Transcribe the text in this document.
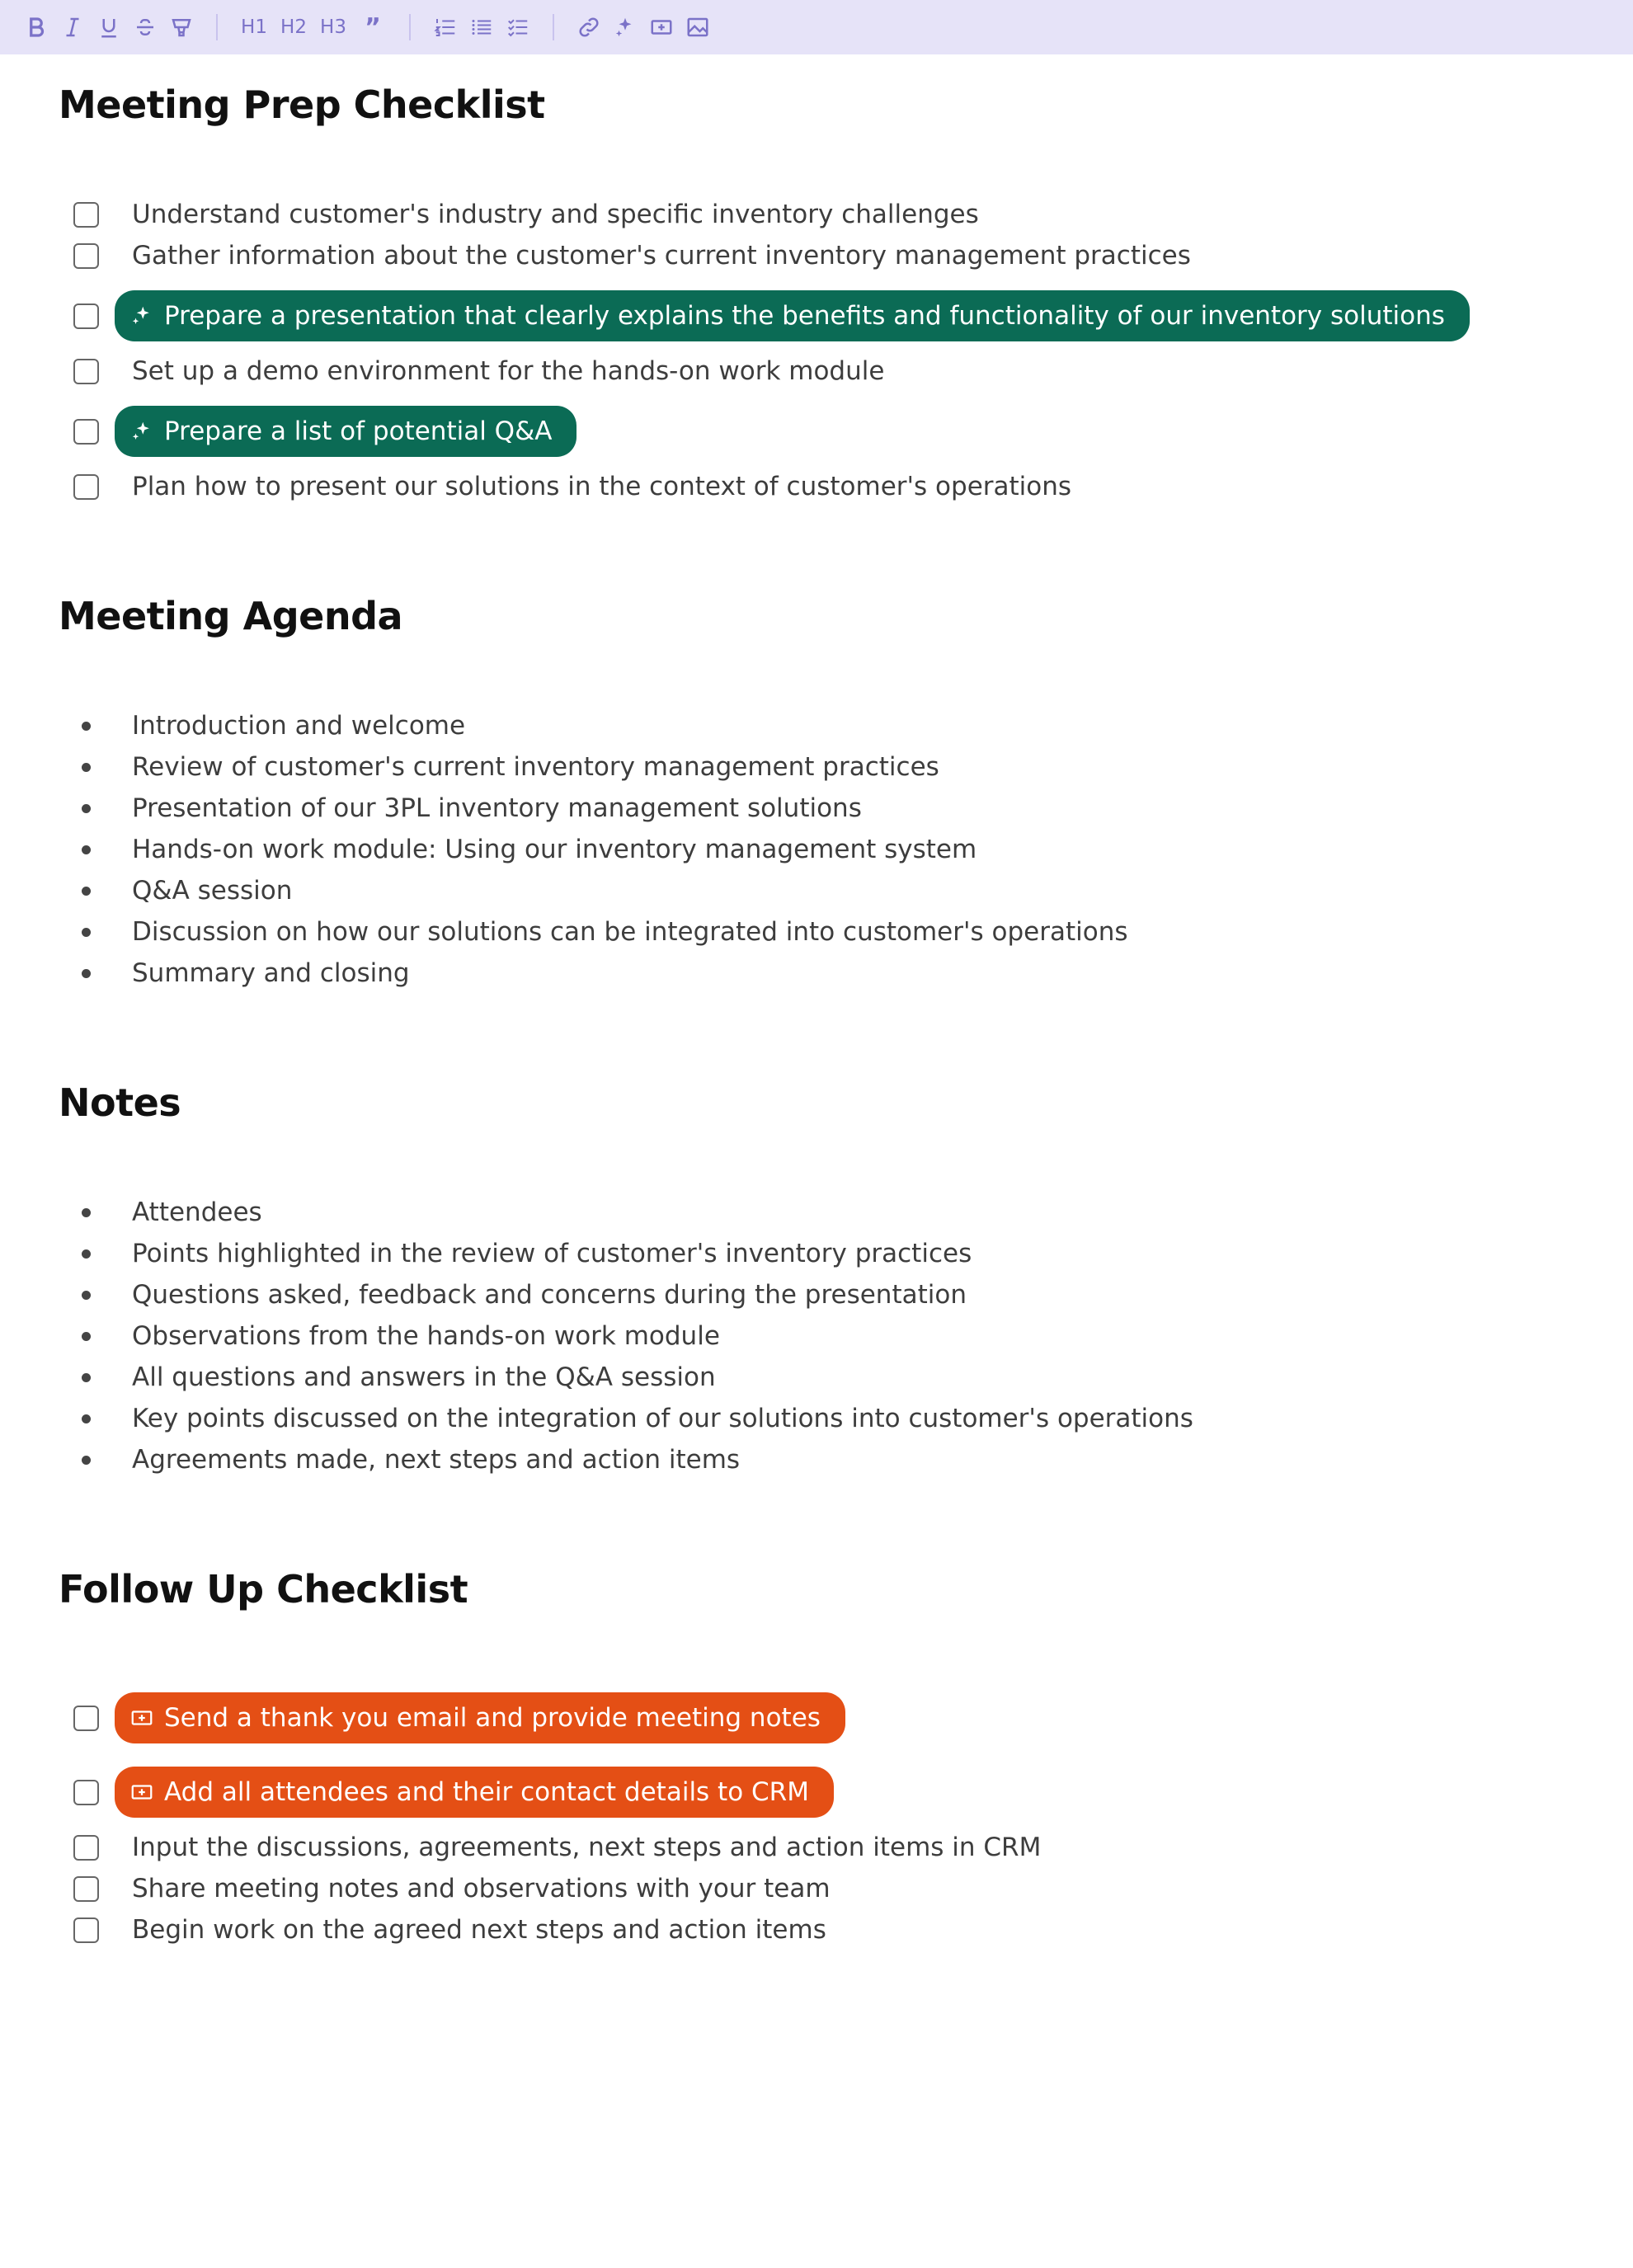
H1 H2 H3 ”
Meeting Prep Checklist
Understand customer's industry and specific inventory challenges
Gather information about the customer's current inventory management practices
Prepare a presentation that clearly explains the benefits and functionality of our inventory solutions
Set up a demo environment for the hands-on work module
Prepare a list of potential Q&A
Plan how to present our solutions in the context of customer's operations
Meeting Agenda
Introduction and welcome
Review of customer's current inventory management practices
Presentation of our 3PL inventory management solutions
Hands-on work module: Using our inventory management system
Q&A session
Discussion on how our solutions can be integrated into customer's operations
Summary and closing
Notes
Attendees
Points highlighted in the review of customer's inventory practices
Questions asked, feedback and concerns during the presentation
Observations from the hands-on work module
All questions and answers in the Q&A session
Key points discussed on the integration of our solutions into customer's operations
Agreements made, next steps and action items
Follow Up Checklist
Send a thank you email and provide meeting notes
Add all attendees and their contact details to CRM
Input the discussions, agreements, next steps and action items in CRM
Share meeting notes and observations with your team
Begin work on the agreed next steps and action items
